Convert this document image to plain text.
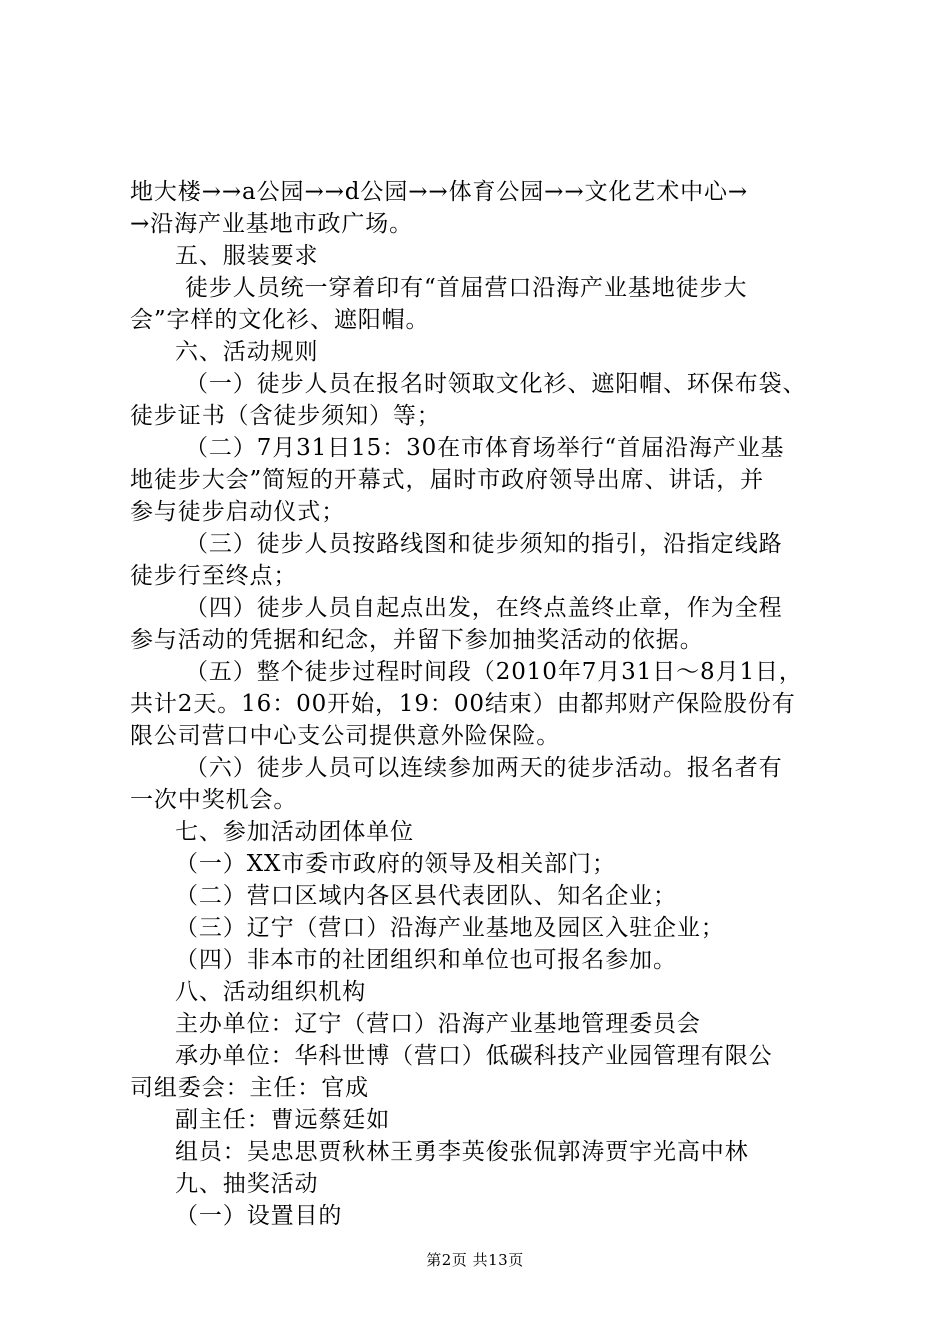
地大楼→→a公园→→d公园→→体育公园→→文化艺术中心→
→沿海产业基地市政广场。
五、服装要求
徒步人员统一穿着印有“首届营口沿海产业基地徒步大
会”字样的文化衫、遮阳帽。
六、活动规则
（一）徒步人员在报名时领取文化衫、遮阳帽、环保布袋、
徒步证书（含徒步须知）等；
（二）7月31日15：30在市体育场举行“首届沿海产业基
地徒步大会”简短的开幕式，届时市政府领导出席、讲话，并
参与徒步启动仪式；
（三）徒步人员按路线图和徒步须知的指引，沿指定线路
徒步行至终点；
（四）徒步人员自起点出发，在终点盖终止章，作为全程
参与活动的凭据和纪念，并留下参加抽奖活动的依据。
（五）整个徒步过程时间段（2010年7月31日～8月1日，
共计2天。16：00开始，19：00结束）由都邦财产保险股份有
限公司营口中心支公司提供意外险保险。
（六）徒步人员可以连续参加两天的徒步活动。报名者有
一次中奖机会。
七、参加活动团体单位
（一）XX市委市政府的领导及相关部门；
（二）营口区域内各区县代表团队、知名企业；
（三）辽宁（营口）沿海产业基地及园区入驻企业；
（四）非本市的社团组织和单位也可报名参加。
八、活动组织机构
主办单位：辽宁（营口）沿海产业基地管理委员会
承办单位：华科世博（营口）低碳科技产业园管理有限公
司组委会：主任：官成
副主任：曹远蔡廷如
组员：吴忠思贾秋林王勇李英俊张侃郭涛贾宇光高中林
九、抽奖活动
（一）设置目的
第2页 共13页
